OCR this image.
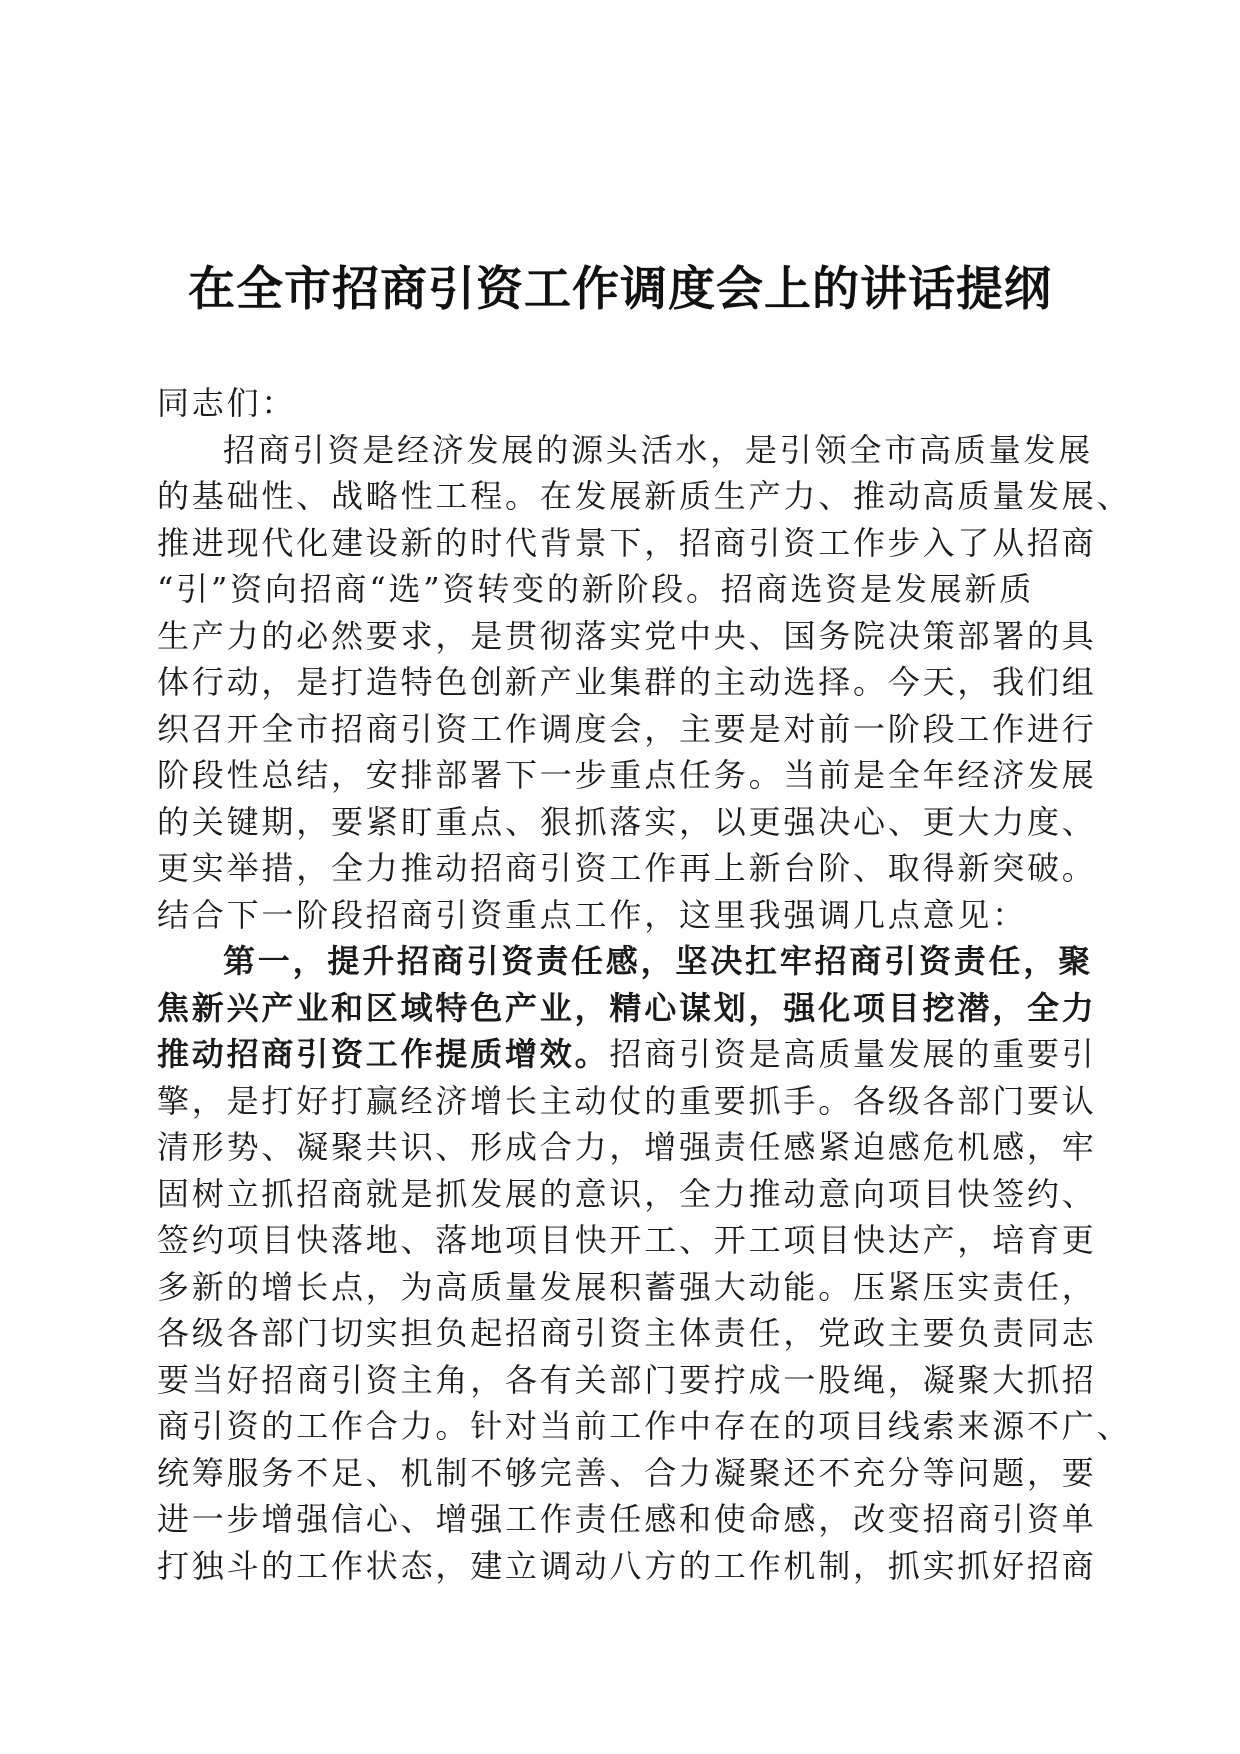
在全市招商引资工作调度会上的讲话提纲

同志们：

招商引资是经济发展的源头活水，是引领全市高质量发展
的基础性、战略性工程。在发展新质生产力、推动高质量发展、
推进现代化建设新的时代背景下，招商引资工作步入了从招商
“引”资向招商“选”资转变的新阶段。招商选资是发展新质
生产力的必然要求，是贯彻落实党中央、国务院决策部署的具
体行动，是打造特色创新产业集群的主动选择。今天，我们组
织召开全市招商引资工作调度会，主要是对前一阶段工作进行
阶段性总结，安排部署下一步重点任务。当前是全年经济发展
的关键期，要紧盯重点、狠抓落实，以更强决心、更大力度、
更实举措，全力推动招商引资工作再上新台阶、取得新突破。
结合下一阶段招商引资重点工作，这里我强调几点意见：
第一，提升招商引资责任感，坚决扛牢招商引资责任，聚
焦新兴产业和区域特色产业，精心谋划，强化项目挖潜，全力
推动招商引资工作提质增效。招商引资是高质量发展的重要引
擎，是打好打赢经济增长主动仗的重要抓手。各级各部门要认
清形势、凝聚共识、形成合力，增强责任感紧迫感危机感，牢
固树立抓招商就是抓发展的意识，全力推动意向项目快签约、
签约项目快落地、落地项目快开工、开工项目快达产，培育更
多新的增长点，为高质量发展积蓄强大动能。压紧压实责任，
各级各部门切实担负起招商引资主体责任，党政主要负责同志
要当好招商引资主角，各有关部门要拧成一股绳，凝聚大抓招
商引资的工作合力。针对当前工作中存在的项目线索来源不广、
统筹服务不足、机制不够完善、合力凝聚还不充分等问题，要
进一步增强信心、增强工作责任感和使命感，改变招商引资单
打独斗的工作状态，建立调动八方的工作机制，抓实抓好招商
